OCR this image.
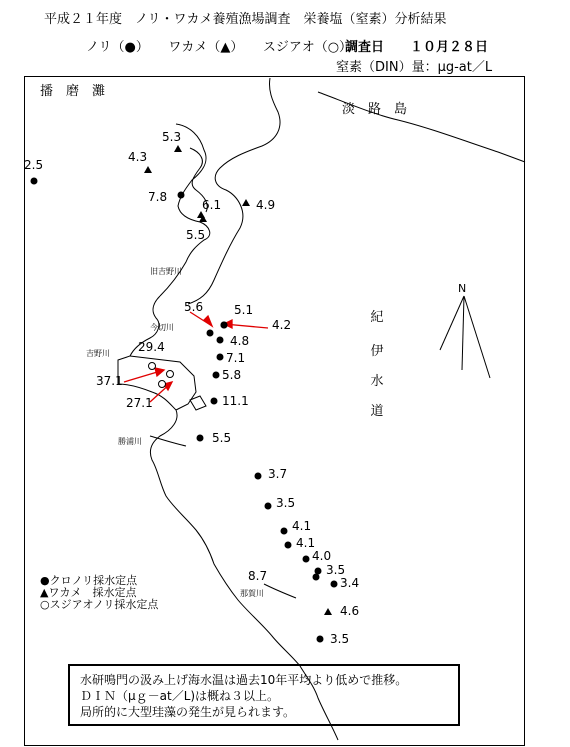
平成２１年度　ノリ・ワカメ養殖漁場調査　栄養塩（窒素）分析結果
ノリ（●）　　ワカメ（▲）　　スジアオ（○）：
調査日　　１０月２８日
窒素（DIN）量：μg-at／L
播　磨　灘
淡　路　島
紀
伊
水
道
N
旧吉野川
今切川
吉野川
勝浦川
那賀川
2.5
4.3
5.3
7.8
6.1	4.9
5.5
5.6	5.1
4.2
4.8
7.1
29.4
37.1	5.8
27.1	11.1
5.5
3.7
3.5
4.1
4.1
4.0
3.5
8.7	3.4
4.6
3.5
●クロノリ採水定点
▲ワカメ　採水定点
○スジアオノリ採水定点
水研鳴門の汲み上げ海水温は過去10年平均より低めで推移。
ＤＩＮ（μｇ－at／L)は概ね３以上。
局所的に大型珪藻の発生が見られます。
